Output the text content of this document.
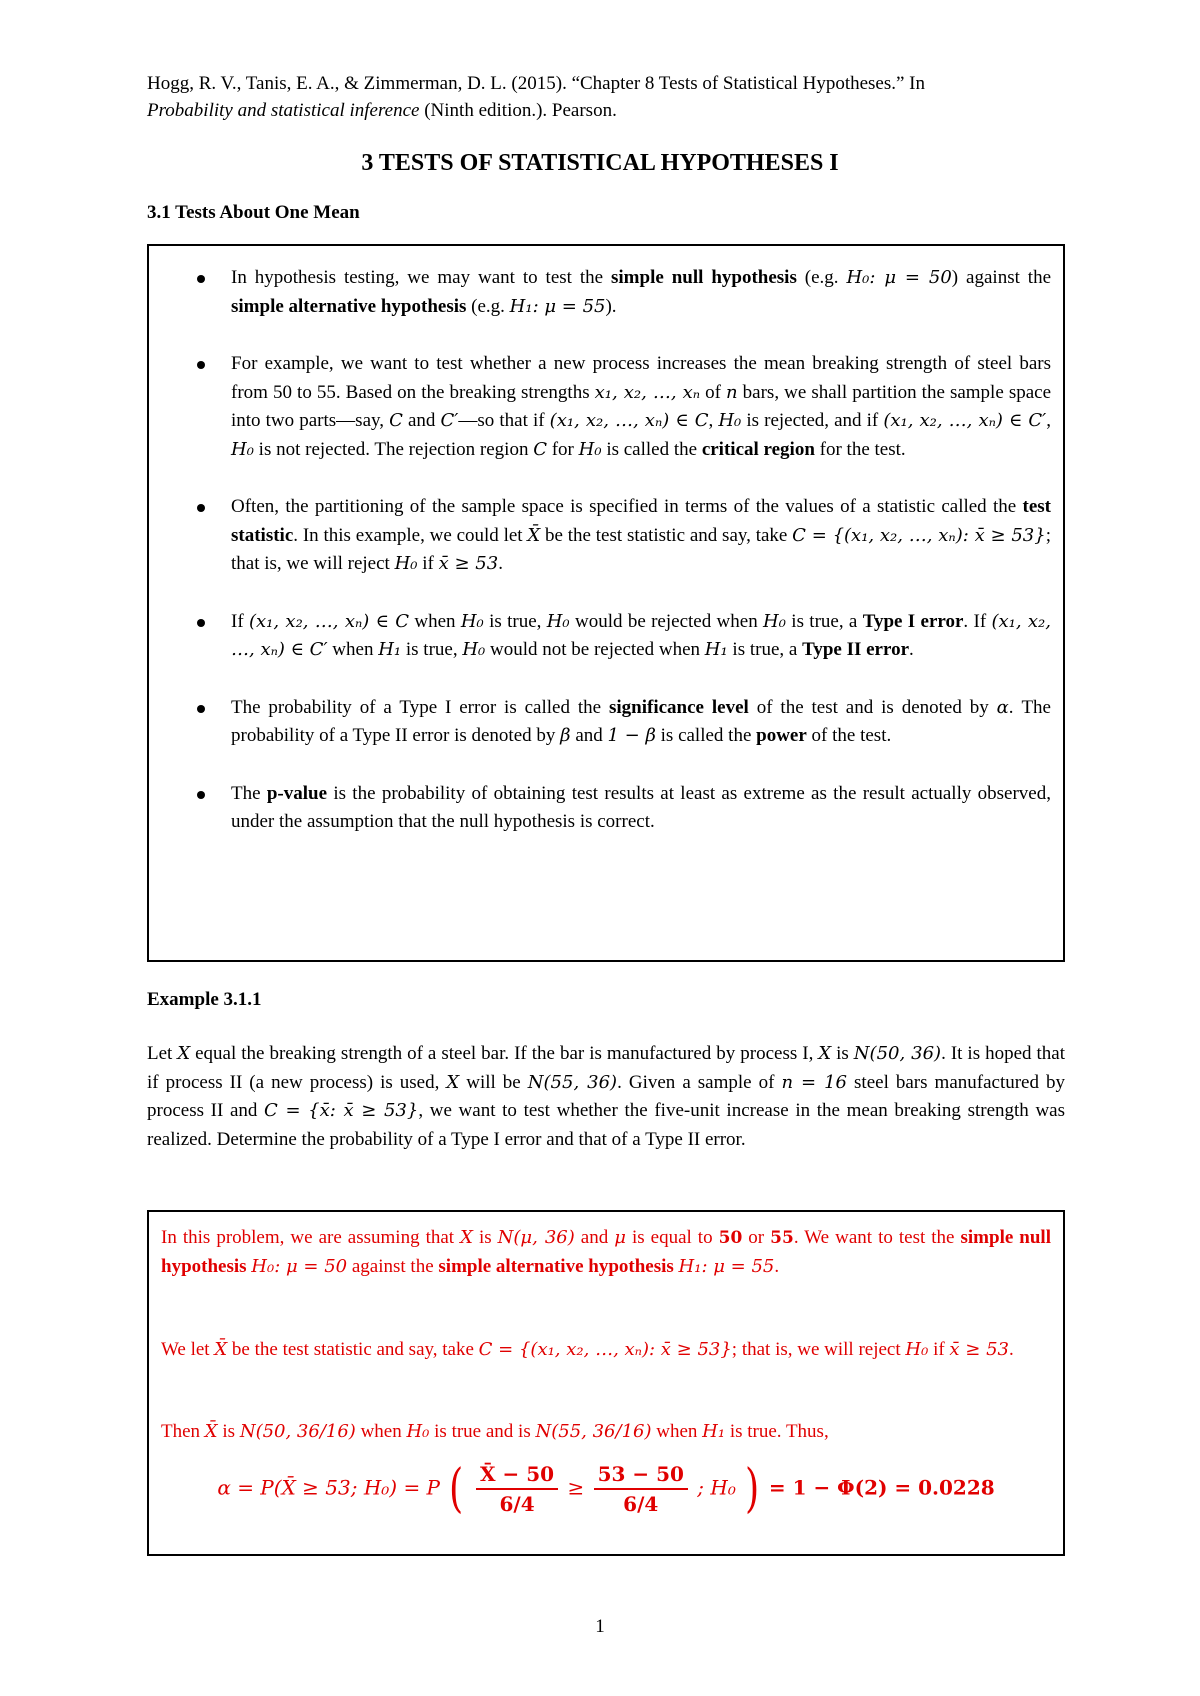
Hogg, R. V., Tanis, E. A., & Zimmerman, D. L. (2015). “Chapter 8 Tests of Statistical Hypotheses.” In
Probability and statistical inference (Ninth edition.). Pearson.
3 TESTS OF STATISTICAL HYPOTHESES I
3.1 Tests About One Mean
In hypothesis testing, we may want to test the simple null hypothesis (e.g. H₀: μ = 50) against the simple alternative hypothesis (e.g. H₁: μ = 55).
For example, we want to test whether a new process increases the mean breaking strength of steel bars from 50 to 55. Based on the breaking strengths x₁, x₂, …, xₙ of n bars, we shall partition the sample space into two parts—say, C and C′—so that if (x₁, x₂, …, xₙ) ∈ C, H₀ is rejected, and if (x₁, x₂, …, xₙ) ∈ C′, H₀ is not rejected. The rejection region C for H₀ is called the critical region for the test.
Often, the partitioning of the sample space is specified in terms of the values of a statistic called the test statistic. In this example, we could let X̄ be the test statistic and say, take C = {(x₁, x₂, …, xₙ): x̄ ≥ 53}; that is, we will reject H₀ if x̄ ≥ 53.
If (x₁, x₂, …, xₙ) ∈ C when H₀ is true, H₀ would be rejected when H₀ is true, a Type I error. If (x₁, x₂, …, xₙ) ∈ C′ when H₁ is true, H₀ would not be rejected when H₁ is true, a Type II error.
The probability of a Type I error is called the significance level of the test and is denoted by α. The probability of a Type II error is denoted by β and 1 − β is called the power of the test.
The p-value is the probability of obtaining test results at least as extreme as the result actually observed, under the assumption that the null hypothesis is correct.
Example 3.1.1
Let X equal the breaking strength of a steel bar. If the bar is manufactured by process I, X is N(50, 36). It is hoped that if process II (a new process) is used, X will be N(55, 36). Given a sample of n = 16 steel bars manufactured by process II and C = {x̄: x̄ ≥ 53}, we want to test whether the five-unit increase in the mean breaking strength was realized. Determine the probability of a Type I error and that of a Type II error.
In this problem, we are assuming that X is N(μ, 36) and μ is equal to 50 or 55. We want to test the simple null hypothesis H₀: μ = 50 against the simple alternative hypothesis H₁: μ = 55.
We let X̄ be the test statistic and say, take C = {(x₁, x₂, …, xₙ): x̄ ≥ 53}; that is, we will reject H₀ if x̄ ≥ 53.
Then X̄ is N(50, 36/16) when H₀ is true and is N(55, 36/16) when H₁ is true. Thus,
α = P(X̄ ≥ 53; H₀) = P ( $\frac{X̄ - 50}{6/4} \ge \frac{53 - 50}{6/4}$ ; H₀ ) = 1 − Φ(2) = 0.0228
1
